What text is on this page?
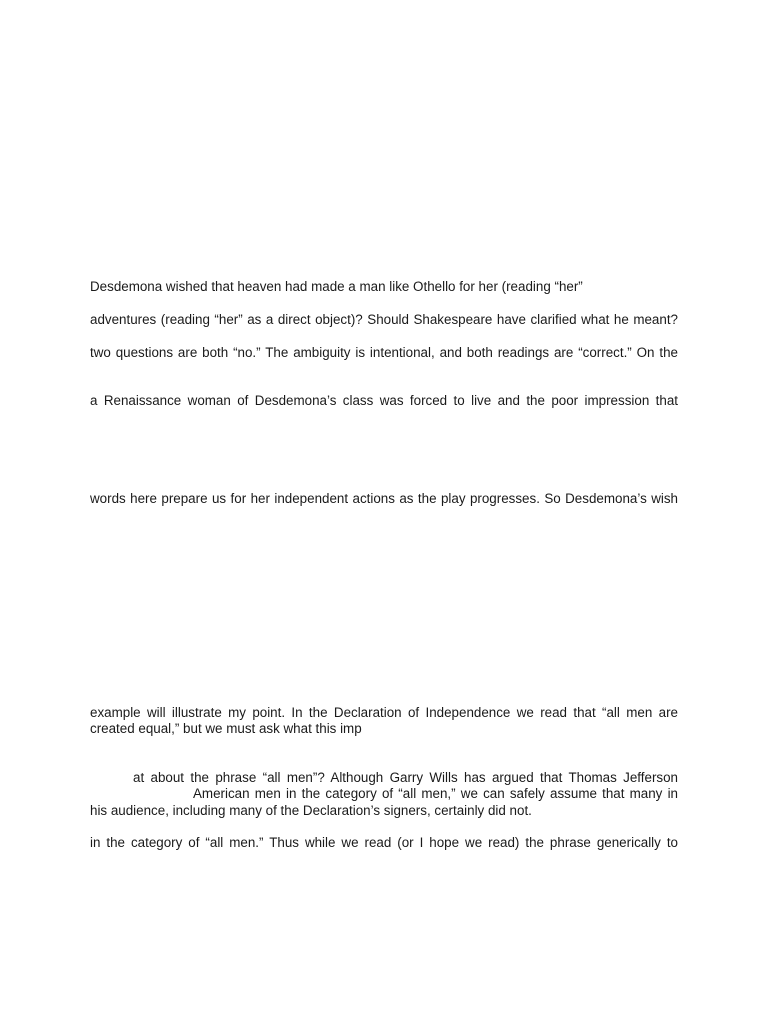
Desdemona wished that heaven had made a man like Othello for her (reading “her”
adventures (reading “her” as a direct object)? Should Shakespeare have clarified what he meant?
two questions are both “no.” The ambiguity is intentional, and both readings are “correct.” On the
a Renaissance woman of Desdemona’s class was forced to live and the poor impression that
words here prepare us for her independent actions as the play progresses. So Desdemona’s wish
example will illustrate my point. In the Declaration of Independence we read that “all men are
created equal,” but we must ask what this imp
at about the phrase “all men”? Although Garry Wills has argued that Thomas Jefferson
American men in the category of “all men,” we can safely assume that many in
his audience, including many of the Declaration’s signers, certainly did not.
in the category of “all men.” Thus while we read (or I hope we read) the phrase generically to
